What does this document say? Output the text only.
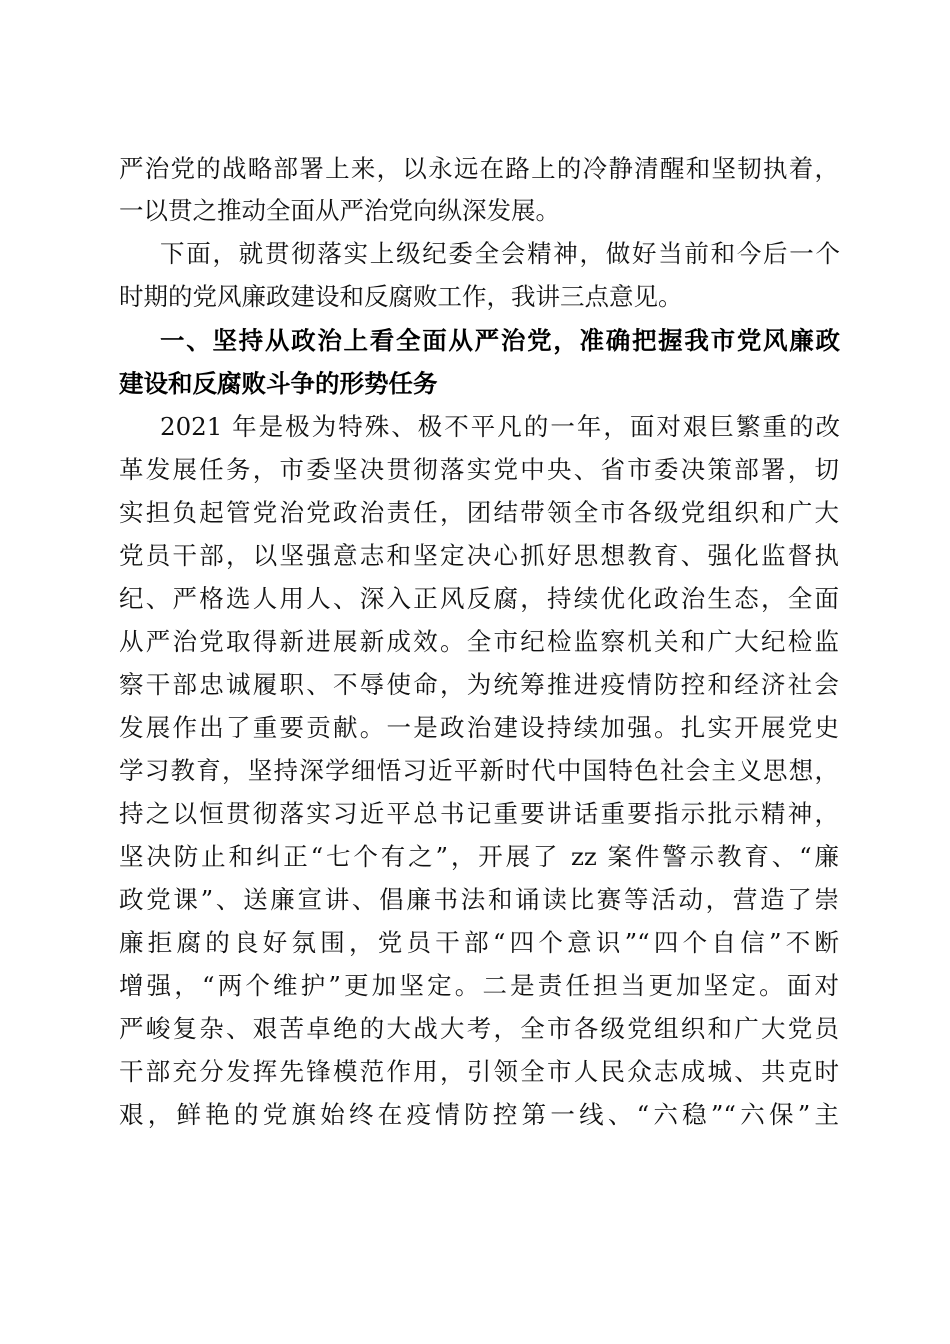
严治党的战略部署上来，以永远在路上的冷静清醒和坚韧执着，
一以贯之推动全面从严治党向纵深发展。
下面，就贯彻落实上级纪委全会精神，做好当前和今后一个
时期的党风廉政建设和反腐败工作，我讲三点意见。
一、坚持从政治上看全面从严治党，准确把握我市党风廉政
建设和反腐败斗争的形势任务
2021 年是极为特殊、极不平凡的一年，面对艰巨繁重的改
革发展任务，市委坚决贯彻落实党中央、省市委决策部署，切
实担负起管党治党政治责任，团结带领全市各级党组织和广大
党员干部，以坚强意志和坚定决心抓好思想教育、强化监督执
纪、严格选人用人、深入正风反腐，持续优化政治生态，全面
从严治党取得新进展新成效。全市纪检监察机关和广大纪检监
察干部忠诚履职、不辱使命，为统筹推进疫情防控和经济社会
发展作出了重要贡献。一是政治建设持续加强。扎实开展党史
学习教育，坚持深学细悟习近平新时代中国特色社会主义思想，
持之以恒贯彻落实习近平总书记重要讲话重要指示批示精神，
坚决防止和纠正“七个有之”，开展了 zz 案件警示教育、“廉
政党课”、送廉宣讲、倡廉书法和诵读比赛等活动，营造了崇
廉拒腐的良好氛围，党员干部“四个意识”“四个自信”不断
增强，“两个维护”更加坚定。二是责任担当更加坚定。面对
严峻复杂、艰苦卓绝的大战大考，全市各级党组织和广大党员
干部充分发挥先锋模范作用，引领全市人民众志成城、共克时
艰，鲜艳的党旗始终在疫情防控第一线、“六稳”“六保”主
